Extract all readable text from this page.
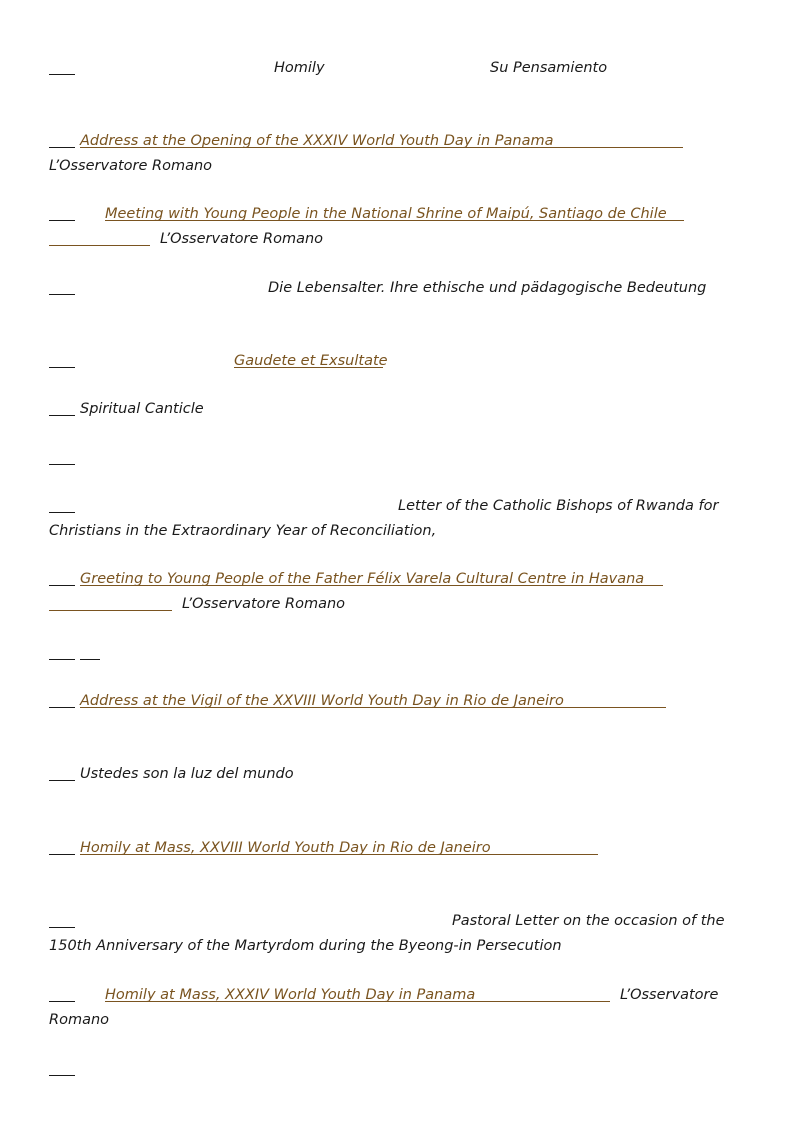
Homily	Su Pensamiento
Address at the Opening of the XXXIV World Youth Day in Panama
L’Osservatore Romano
Meeting with Young People in the National Shrine of Maipú, Santiago de Chile
L’Osservatore Romano
Die Lebensalter. Ihre ethische und pädagogische Bedeutung
Gaudete et Exsultate
Spiritual Canticle
Letter of the Catholic Bishops of Rwanda for
Christians in the Extraordinary Year of Reconciliation,
Greeting to Young People of the Father Félix Varela Cultural Centre in Havana
L’Osservatore Romano
Address at the Vigil of the XXVIII World Youth Day in Rio de Janeiro
Ustedes son la luz del mundo
Homily at Mass, XXVIII World Youth Day in Rio de Janeiro
Pastoral Letter on the occasion of the
150th Anniversary of the Martyrdom during the Byeong-in Persecution
Homily at Mass, XXXIV World Youth Day in Panama	L’Osservatore
Romano
